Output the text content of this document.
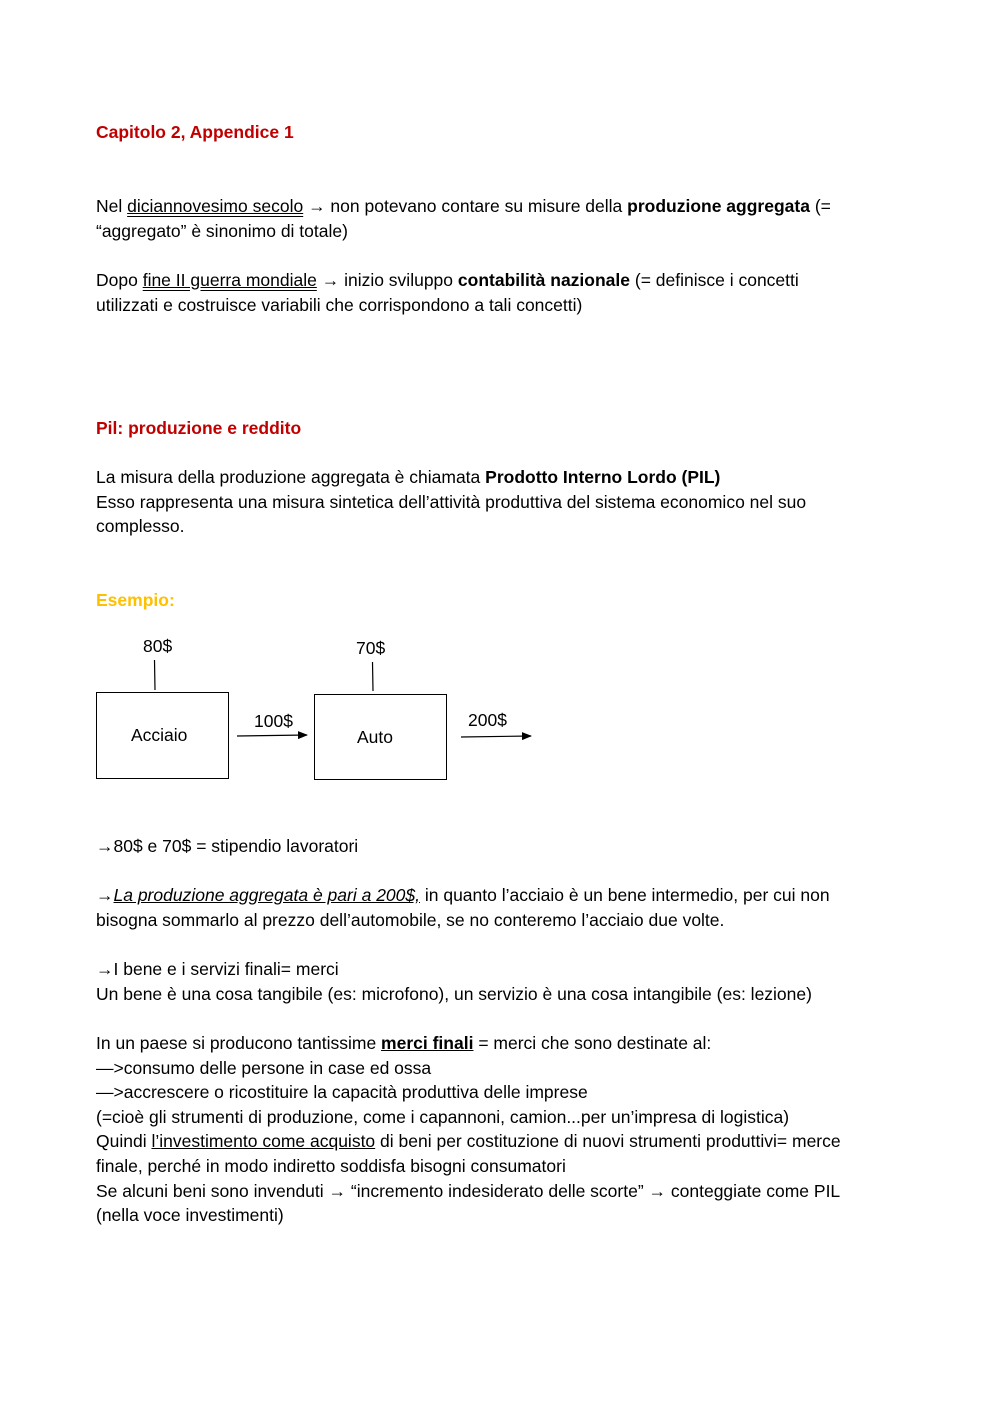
Capitolo 2, Appendice 1
Nel diciannovesimo secolo → non potevano contare su misure della produzione aggregata (=
“aggregato” è sinonimo di totale)
Dopo fine II guerra mondiale → inizio sviluppo contabilità nazionale (= definisce i concetti
utilizzati e costruisce variabili che corrispondono a tali concetti)
Pil: produzione e reddito
La misura della produzione aggregata è chiamata Prodotto Interno Lordo (PIL)
Esso rappresenta una misura sintetica dell’attività produttiva del sistema economico nel suo
complesso.
Esempio:
80$	70$
Acciaio	Auto
100$	200$
→80$ e 70$ = stipendio lavoratori
→La produzione aggregata è pari a 200$, in quanto l’acciaio è un bene intermedio, per cui non
bisogna sommarlo al prezzo dell’automobile, se no conteremo l’acciaio due volte.
→I bene e i servizi finali= merci
Un bene è una cosa tangibile (es: microfono), un servizio è una cosa intangibile (es: lezione)
In un paese si producono tantissime merci finali = merci che sono destinate al:
—>consumo delle persone in case ed ossa
—>accrescere o ricostituire la capacità produttiva delle imprese
(=cioè gli strumenti di produzione, come i capannoni, camion...per un’impresa di logistica)
Quindi l’investimento come acquisto di beni per costituzione di nuovi strumenti produttivi= merce
finale, perché in modo indiretto soddisfa bisogni consumatori
Se alcuni beni sono invenduti → “incremento indesiderato delle scorte” → conteggiate come PIL
(nella voce investimenti)
